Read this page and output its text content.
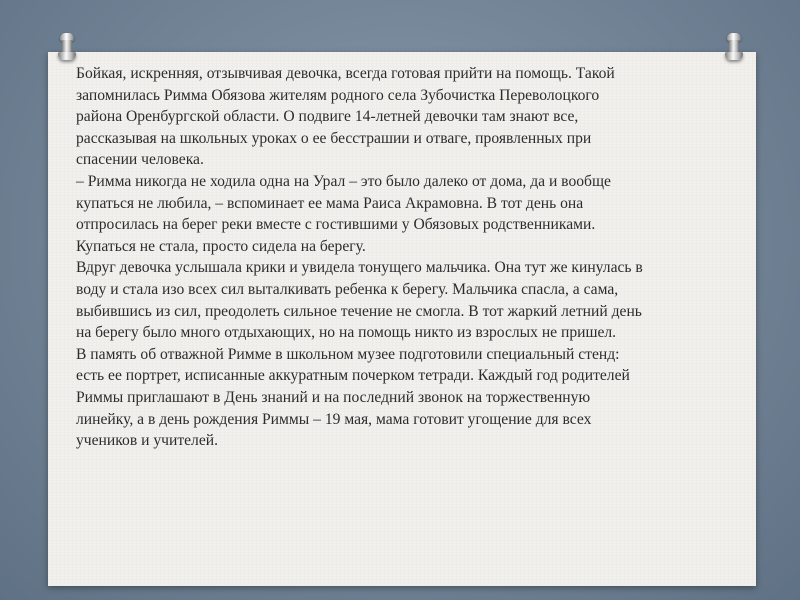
Бойкая, искренняя, отзывчивая девочка, всегда готовая прийти на помощь. Такой

запомнилась Римма Обязова жителям родного села Зубочистка Переволоцкого

района Оренбургской области. О подвиге 14-летней девочки там знают все,

рассказывая на школьных уроках о ее бесстрашии и отваге, проявленных при

спасении человека.

– Римма никогда не ходила одна на Урал – это было далеко от дома, да и вообще

купаться не любила, – вспоминает ее мама Раиса Акрамовна. В тот день она

отпросилась на берег реки вместе с гостившими у Обязовых родственниками.

Купаться не стала, просто сидела на берегу.

Вдруг девочка услышала крики и увидела тонущего мальчика. Она тут же кинулась в

воду и стала изо всех сил выталкивать ребенка к берегу. Мальчика спасла, а сама,

выбившись из сил, преодолеть сильное течение не смогла. В тот жаркий летний день

на берегу было много отдыхающих, но на помощь никто из взрослых не пришел.

В память об отважной Римме в школьном музее подготовили специальный стенд:

есть ее портрет, исписанные аккуратным почерком тетради. Каждый год родителей

Риммы приглашают в День знаний и на последний звонок на торжественную

линейку, а в день рождения Риммы – 19 мая, мама готовит угощение для всех

учеников и учителей.
